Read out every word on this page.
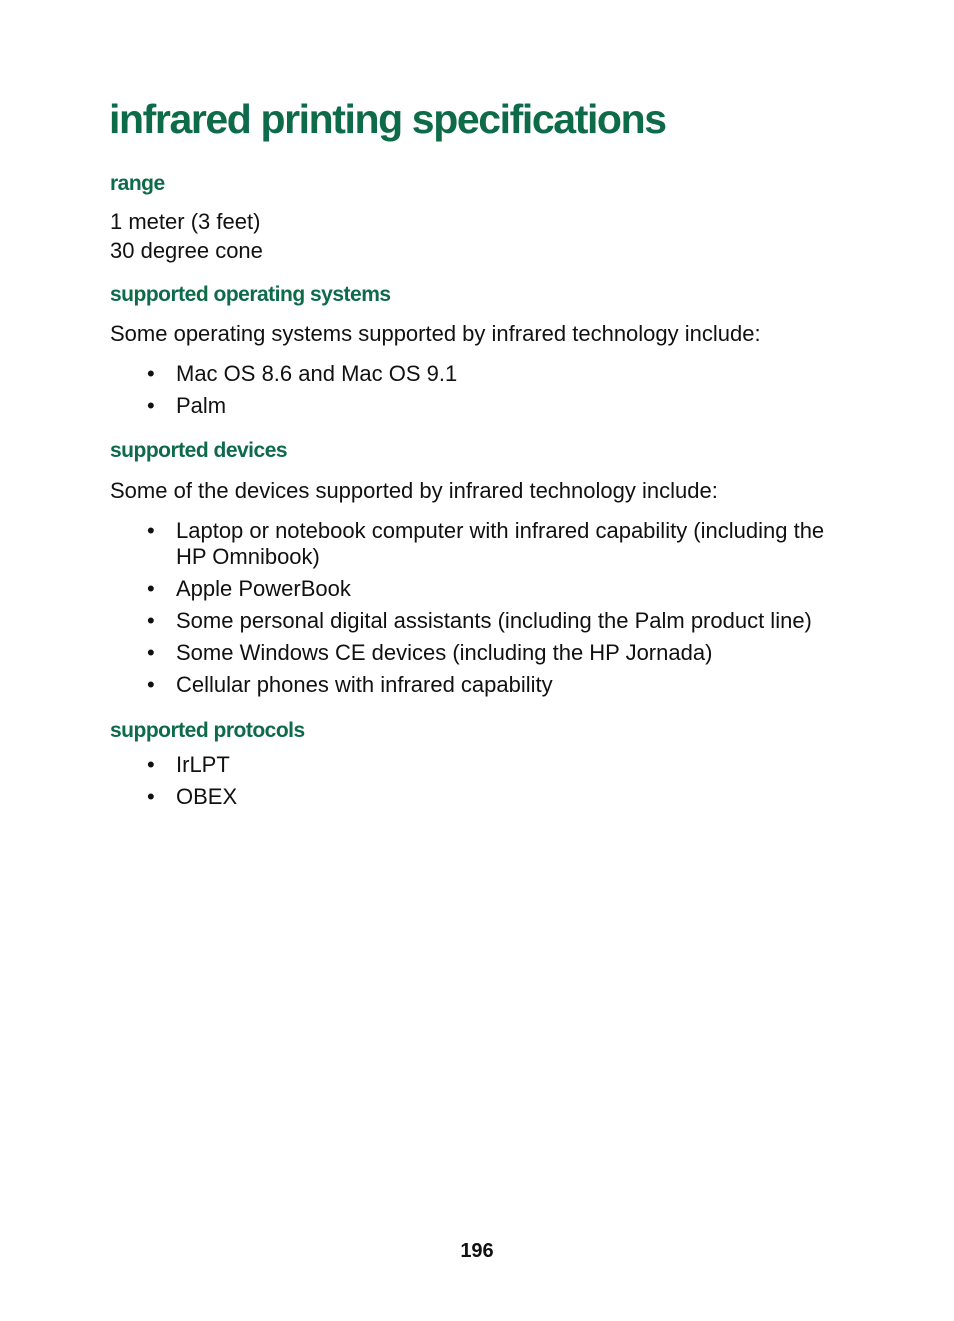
infrared printing specifications
range

1 meter (3 feet)

30 degree cone

supported operating systems

Some operating systems supported by infrared technology include:

• Mac OS 8.6 and Mac OS 9.1
• Palm
supported devices

Some of the devices supported by infrared technology include:

• Laptop or notebook computer with infrared capability (including the HP Omnibook)
• Apple PowerBook
• Some personal digital assistants (including the Palm product line)
• Some Windows CE devices (including the HP Jornada)
• Cellular phones with infrared capability
supported protocols
• IrLPT
• OBEX

196
